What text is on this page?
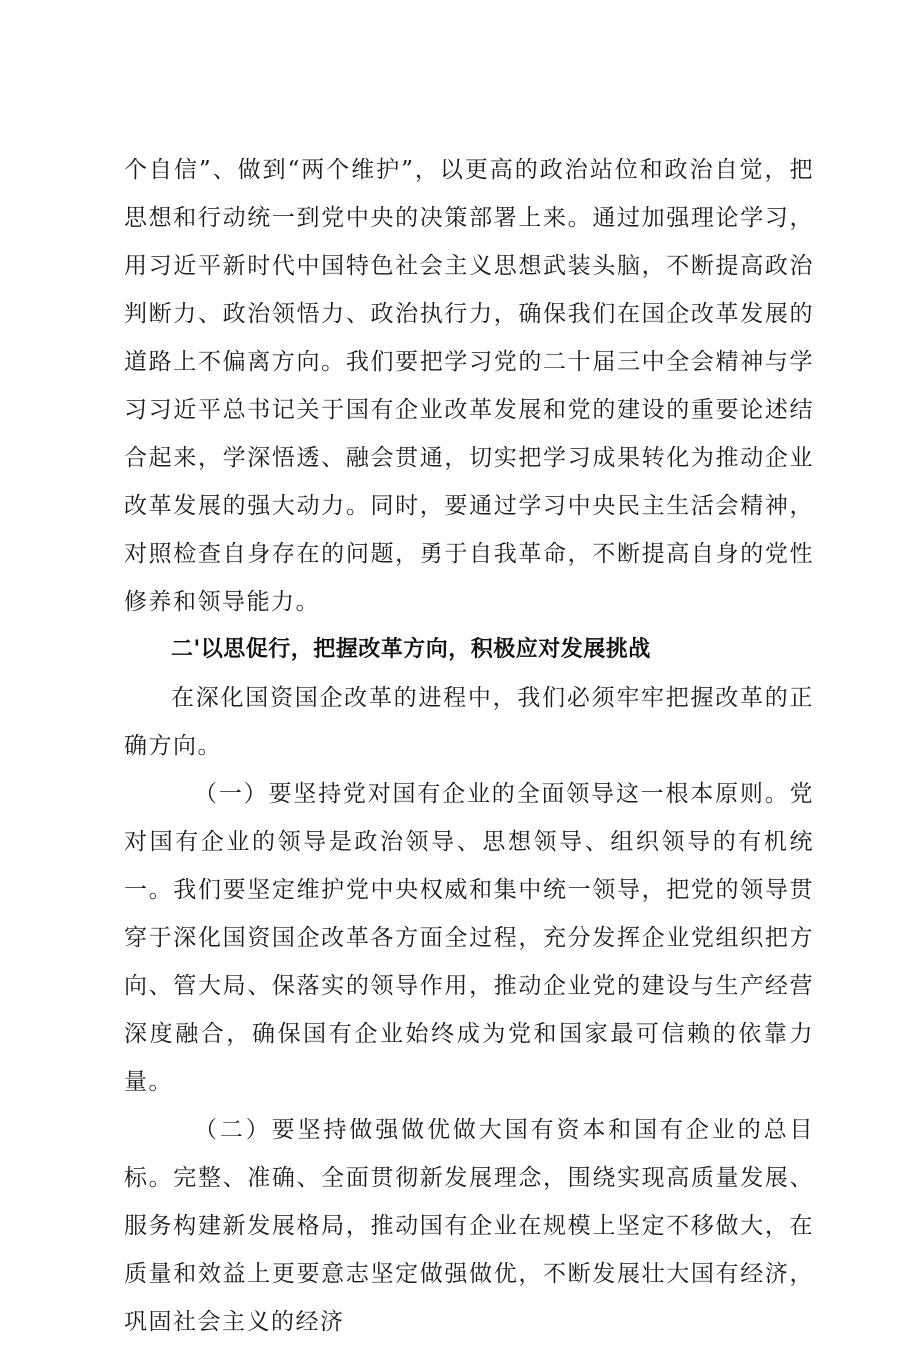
个自信”、做到“两个维护”，以更高的政治站位和政治自觉，把思想和行动统一到党中央的决策部署上来。通过加强理论学习，用习近平新时代中国特色社会主义思想武装头脑，不断提高政治判断力、政治领悟力、政治执行力，确保我们在国企改革发展的道路上不偏离方向。我们要把学习党的二十届三中全会精神与学习习近平总书记关于国有企业改革发展和党的建设的重要论述结合起来，学深悟透、融会贯通，切实把学习成果转化为推动企业改革发展的强大动力。同时，要通过学习中央民主生活会精神，对照检查自身存在的问题，勇于自我革命，不断提高自身的党性修养和领导能力。

二'以思促行，把握改革方向，积极应对发展挑战

在深化国资国企改革的进程中，我们必须牢牢把握改革的正确方向。

（一）要坚持党对国有企业的全面领导这一根本原则。党对国有企业的领导是政治领导、思想领导、组织领导的有机统一。我们要坚定维护党中央权威和集中统一领导，把党的领导贯穿于深化国资国企改革各方面全过程，充分发挥企业党组织把方向、管大局、保落实的领导作用，推动企业党的建设与生产经营深度融合，确保国有企业始终成为党和国家最可信赖的依靠力量。

（二）要坚持做强做优做大国有资本和国有企业的总目标。完整、准确、全面贯彻新发展理念，围绕实现高质量发展、服务构建新发展格局，推动国有企业在规模上坚定不移做大，在质量和效益上更要意志坚定做强做优，不断发展壮大国有经济，巩固社会主义的经济
